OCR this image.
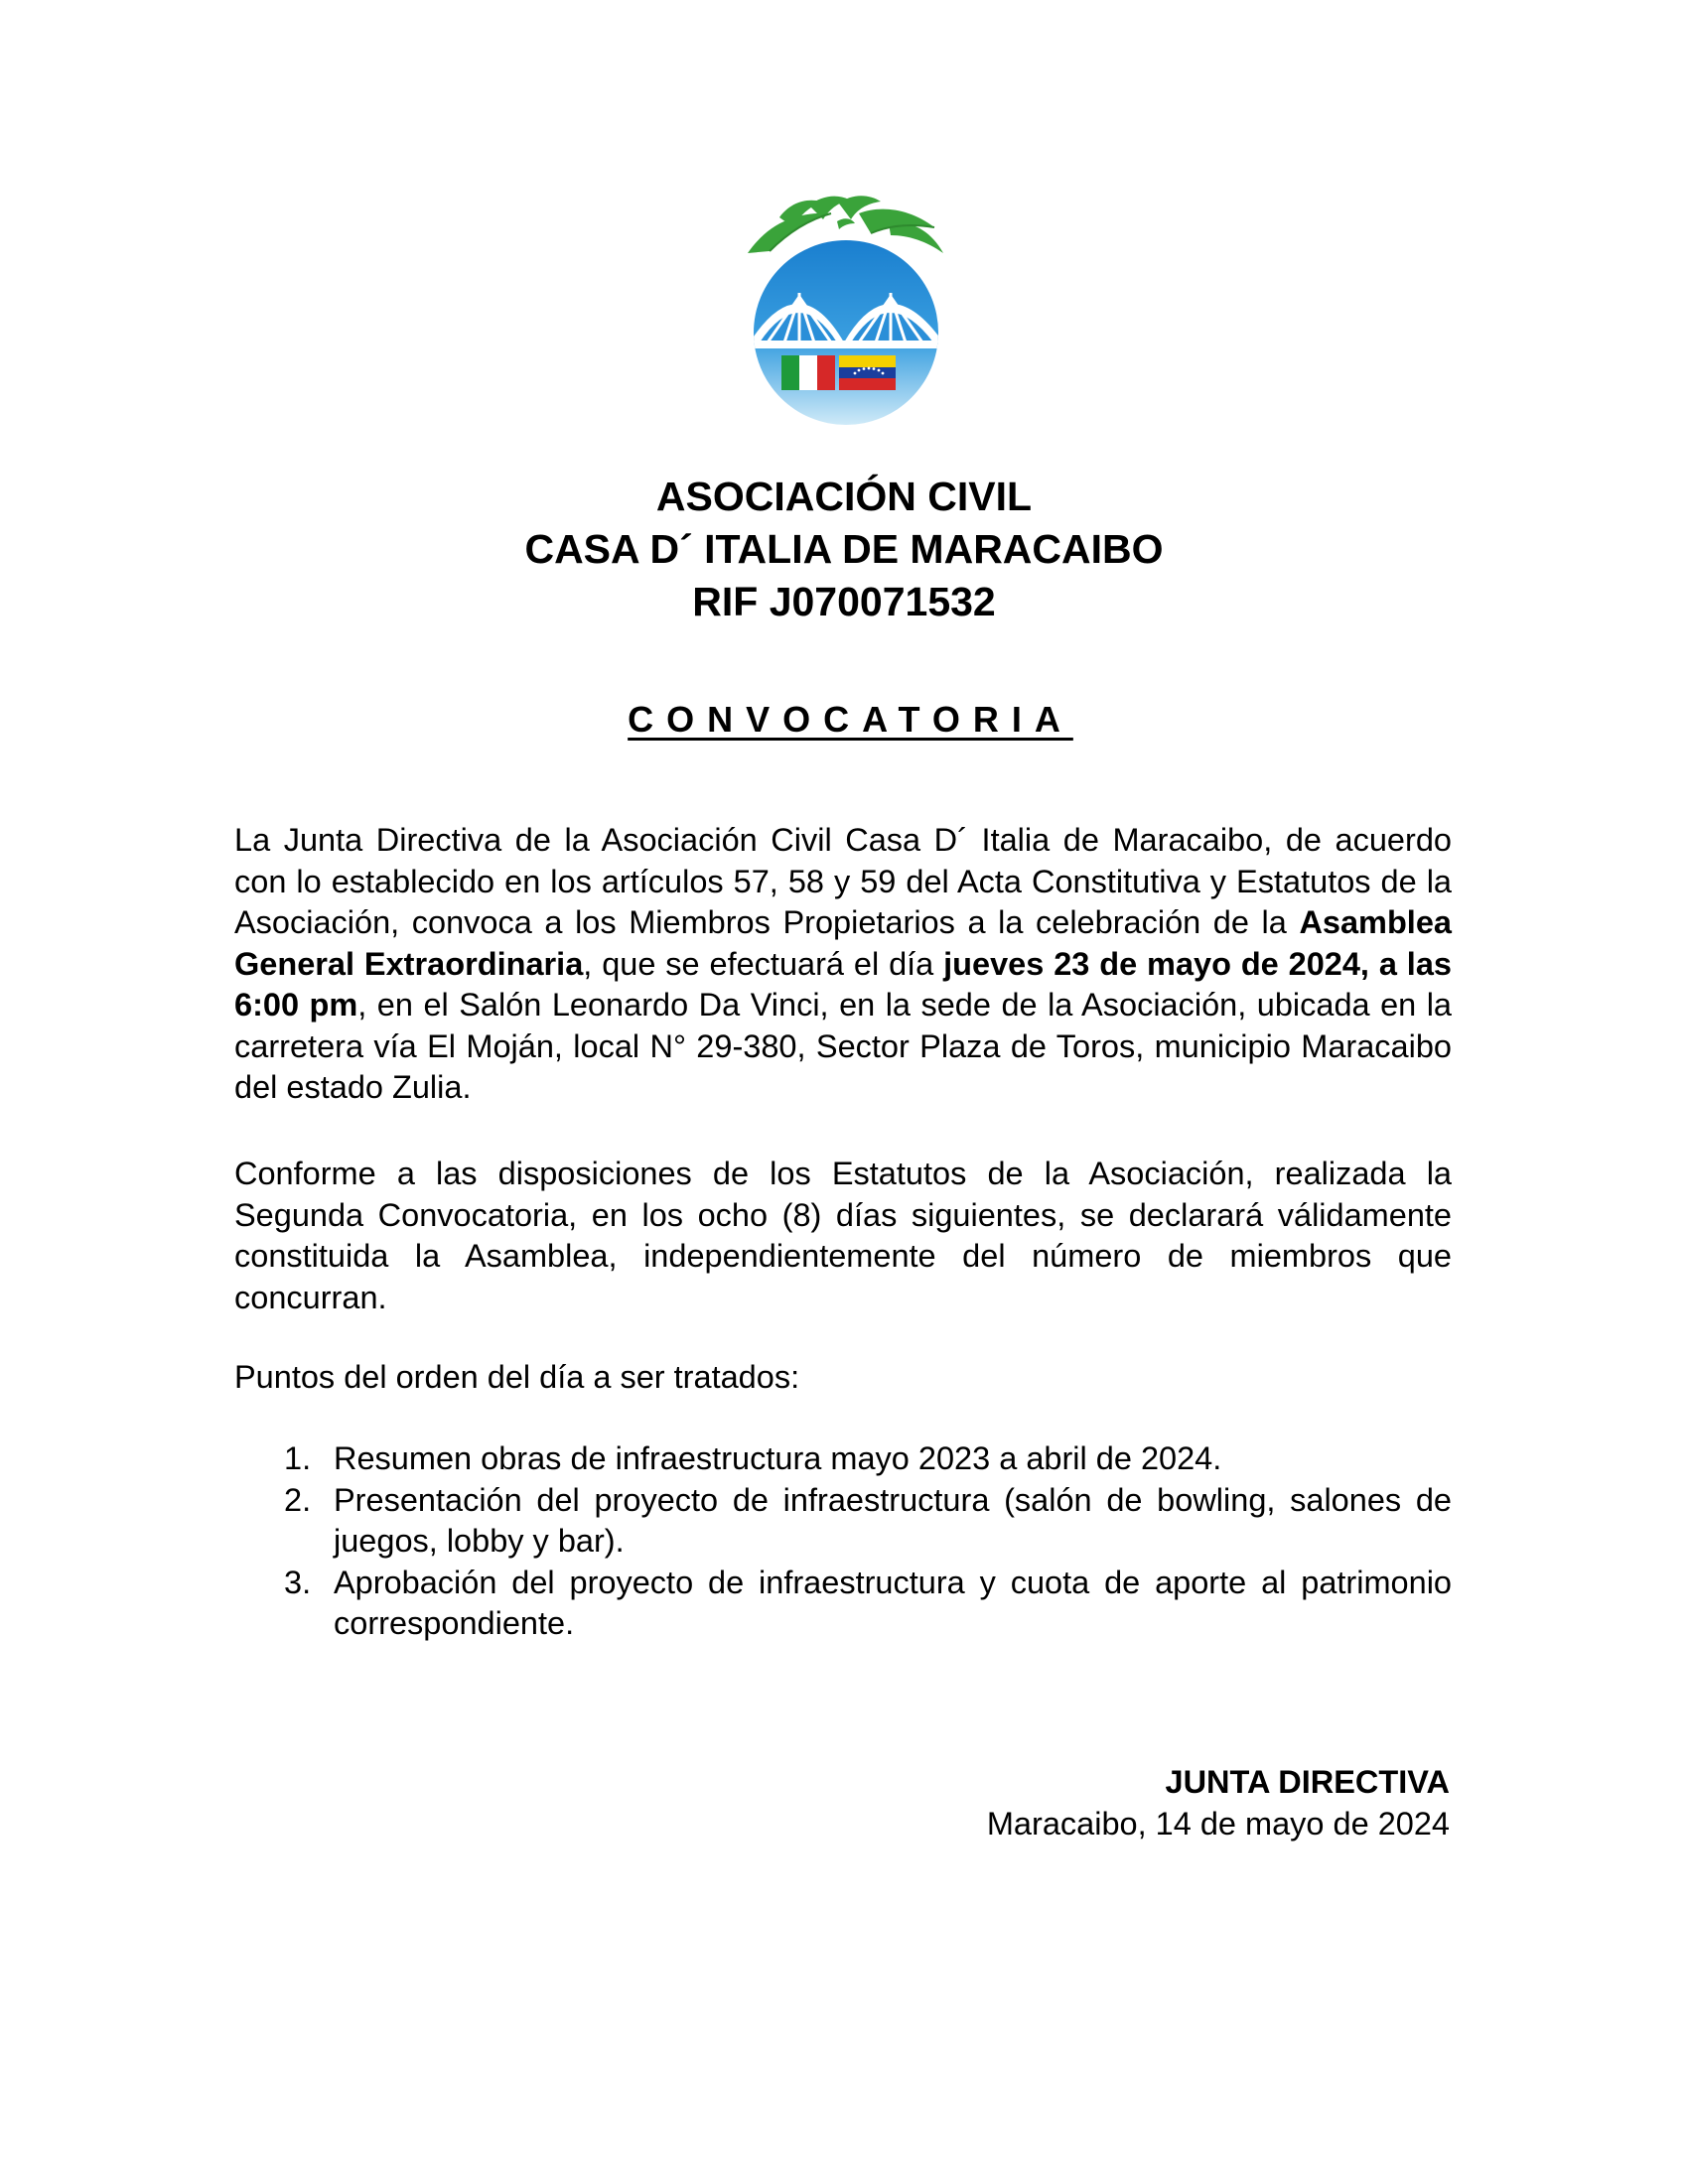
ASOCIACIÓN CIVIL
CASA D´ ITALIA DE MARACAIBO
RIF J070071532
CONVOCATORIA
La Junta Directiva de la Asociación Civil Casa D´ Italia de Maracaibo, de acuerdo con lo establecido en los artículos 57, 58 y 59 del Acta Constitutiva y Estatutos de la Asociación, convoca a los Miembros Propietarios a la celebración de la Asamblea General Extraordinaria, que se efectuará el día jueves 23 de mayo de 2024, a las 6:00 pm, en el Salón Leonardo Da Vinci, en la sede de la Asociación, ubicada en la carretera vía El Moján, local N° 29-380, Sector Plaza de Toros, municipio Maracaibo del estado Zulia.
Conforme a las disposiciones de los Estatutos de la Asociación, realizada la Segunda Convocatoria, en los ocho (8) días siguientes, se declarará válidamente constituida la Asamblea, independientemente del número de miembros que concurran.
Puntos del orden del día a ser tratados:
1. Resumen obras de infraestructura mayo 2023 a abril de 2024.
2. Presentación del proyecto de infraestructura (salón de bowling, salones de juegos, lobby y bar).
3. Aprobación del proyecto de infraestructura y cuota de aporte al patrimonio correspondiente.
JUNTA DIRECTIVA
Maracaibo, 14 de mayo de 2024
